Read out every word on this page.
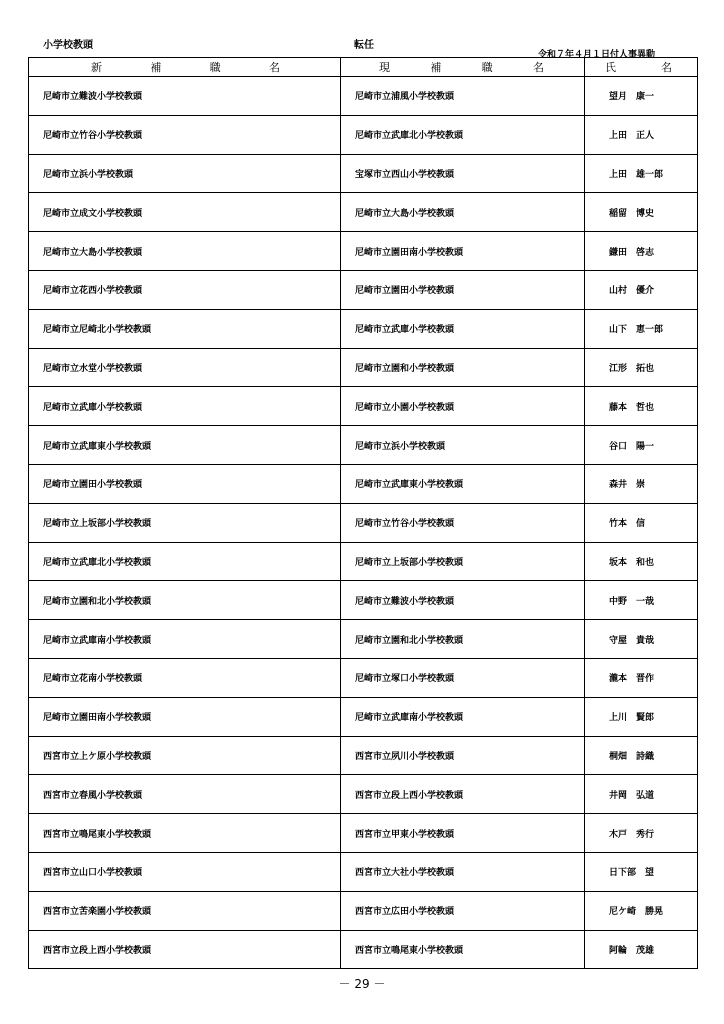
小学校教頭	転任
令和７年４月１日付人事異動
新 補 職 名	現 補 職 名	氏 名

尼崎市立難波小学校教頭	尼崎市立浦風小学校教頭	望月　康一
尼崎市立竹谷小学校教頭	尼崎市立武庫北小学校教頭	上田　正人
尼崎市立浜小学校教頭	宝塚市立西山小学校教頭	上田　雄一郎
尼崎市立成文小学校教頭	尼崎市立大島小学校教頭	稲留　博史
尼崎市立大島小学校教頭	尼崎市立園田南小学校教頭	鎌田　啓志
尼崎市立花西小学校教頭	尼崎市立園田小学校教頭	山村　優介
尼崎市立尼崎北小学校教頭	尼崎市立武庫小学校教頭	山下　恵一郎
尼崎市立水堂小学校教頭	尼崎市立園和小学校教頭	江形　拓也
尼崎市立武庫小学校教頭	尼崎市立小園小学校教頭	藤本　哲也
尼崎市立武庫東小学校教頭	尼崎市立浜小学校教頭	谷口　陽一
尼崎市立園田小学校教頭	尼崎市立武庫東小学校教頭	森井　崇
尼崎市立上坂部小学校教頭	尼崎市立竹谷小学校教頭	竹本　信
尼崎市立武庫北小学校教頭	尼崎市立上坂部小学校教頭	坂本　和也
尼崎市立園和北小学校教頭	尼崎市立難波小学校教頭	中野　一哉
尼崎市立武庫南小学校教頭	尼崎市立園和北小学校教頭	守屋　貴哉
尼崎市立花南小学校教頭	尼崎市立塚口小学校教頭	瀧本　晋作
尼崎市立園田南小学校教頭	尼崎市立武庫南小学校教頭	上川　賢郎
西宮市立上ケ原小学校教頭	西宮市立夙川小学校教頭	桐畑　詩織
西宮市立春風小学校教頭	西宮市立段上西小学校教頭	井岡　弘道
西宮市立鳴尾東小学校教頭	西宮市立甲東小学校教頭	木戸　秀行
西宮市立山口小学校教頭	西宮市立大社小学校教頭	日下部　望
西宮市立苦楽園小学校教頭	西宮市立広田小学校教頭	尼ケ崎　勝晃
西宮市立段上西小学校教頭	西宮市立鳴尾東小学校教頭	阿輪　茂雄
－ 29 －
